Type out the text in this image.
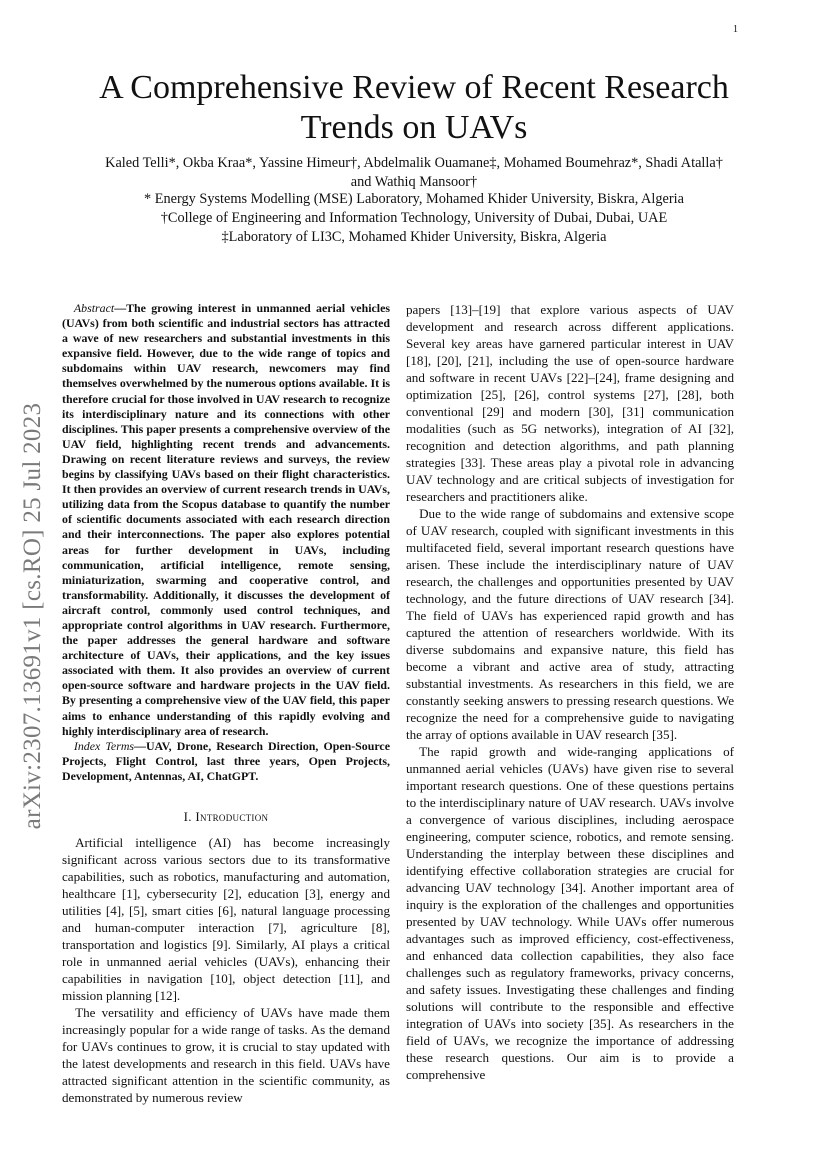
1
arXiv:2307.13691v1 [cs.RO] 25 Jul 2023
A Comprehensive Review of Recent Research
Trends on UAVs
Kaled Telli*, Okba Kraa*, Yassine Himeur†, Abdelmalik Ouamane‡, Mohamed Boumehraz*, Shadi Atalla†
and Wathiq Mansoor†
* Energy Systems Modelling (MSE) Laboratory, Mohamed Khider University, Biskra, Algeria
†College of Engineering and Information Technology, University of Dubai, Dubai, UAE
‡Laboratory of LI3C, Mohamed Khider University, Biskra, Algeria

Abstract—The growing interest in unmanned aerial vehicles (UAVs) from both scientific and industrial sectors has attracted a wave of new researchers and substantial investments in this expansive field. However, due to the wide range of topics and subdomains within UAV research, newcomers may find themselves overwhelmed by the numerous options available. It is therefore crucial for those involved in UAV research to recognize its interdisciplinary nature and its connections with other disciplines. This paper presents a comprehensive overview of the UAV field, highlighting recent trends and advancements. Drawing on recent literature reviews and surveys, the review begins by classifying UAVs based on their flight characteristics. It then provides an overview of current research trends in UAVs, utilizing data from the Scopus database to quantify the number of scientific documents associated with each research direction and their interconnections. The paper also explores potential areas for further development in UAVs, including communication, artificial intelligence, remote sensing, miniaturization, swarming and cooperative control, and transformability. Additionally, it discusses the development of aircraft control, commonly used control techniques, and appropriate control algorithms in UAV research. Furthermore, the paper addresses the general hardware and software architecture of UAVs, their applications, and the key issues associated with them. It also provides an overview of current open-source software and hardware projects in the UAV field. By presenting a comprehensive view of the UAV field, this paper aims to enhance understanding of this rapidly evolving and highly interdisciplinary area of research.

Index Terms—UAV, Drone, Research Direction, Open-Source Projects, Flight Control, last three years, Open Projects, Development, Antennas, AI, ChatGPT.

I. Introduction

Artificial intelligence (AI) has become increasingly significant across various sectors due to its transformative capabilities, such as robotics, manufacturing and automation, healthcare [1], cybersecurity [2], education [3], energy and utilities [4], [5], smart cities [6], natural language processing and human-computer interaction [7], agriculture [8], transportation and logistics [9]. Similarly, AI plays a critical role in unmanned aerial vehicles (UAVs), enhancing their capabilities in navigation [10], object detection [11], and mission planning [12].

The versatility and efficiency of UAVs have made them increasingly popular for a wide range of tasks. As the demand for UAVs continues to grow, it is crucial to stay updated with the latest developments and research in this field. UAVs have attracted significant attention in the scientific community, as demonstrated by numerous review

papers [13]–[19] that explore various aspects of UAV development and research across different applications. Several key areas have garnered particular interest in UAV [18], [20], [21], including the use of open-source hardware and software in recent UAVs [22]–[24], frame designing and optimization [25], [26], control systems [27], [28], both conventional [29] and modern [30], [31] communication modalities (such as 5G networks), integration of AI [32], recognition and detection algorithms, and path planning strategies [33]. These areas play a pivotal role in advancing UAV technology and are critical subjects of investigation for researchers and practitioners alike.

Due to the wide range of subdomains and extensive scope of UAV research, coupled with significant investments in this multifaceted field, several important research questions have arisen. These include the interdisciplinary nature of UAV research, the challenges and opportunities presented by UAV technology, and the future directions of UAV research [34]. The field of UAVs has experienced rapid growth and has captured the attention of researchers worldwide. With its diverse subdomains and expansive nature, this field has become a vibrant and active area of study, attracting substantial investments. As researchers in this field, we are constantly seeking answers to pressing research questions. We recognize the need for a comprehensive guide to navigating the array of options available in UAV research [35].

The rapid growth and wide-ranging applications of unmanned aerial vehicles (UAVs) have given rise to several important research questions. One of these questions pertains to the interdisciplinary nature of UAV research. UAVs involve a convergence of various disciplines, including aerospace engineering, computer science, robotics, and remote sensing. Understanding the interplay between these disciplines and identifying effective collaboration strategies are crucial for advancing UAV technology [34]. Another important area of inquiry is the exploration of the challenges and opportunities presented by UAV technology. While UAVs offer numerous advantages such as improved efficiency, cost-effectiveness, and enhanced data collection capabilities, they also face challenges such as regulatory frameworks, privacy concerns, and safety issues. Investigating these challenges and finding solutions will contribute to the responsible and effective integration of UAVs into society [35]. As researchers in the field of UAVs, we recognize the importance of addressing these research questions. Our aim is to provide a comprehensive
